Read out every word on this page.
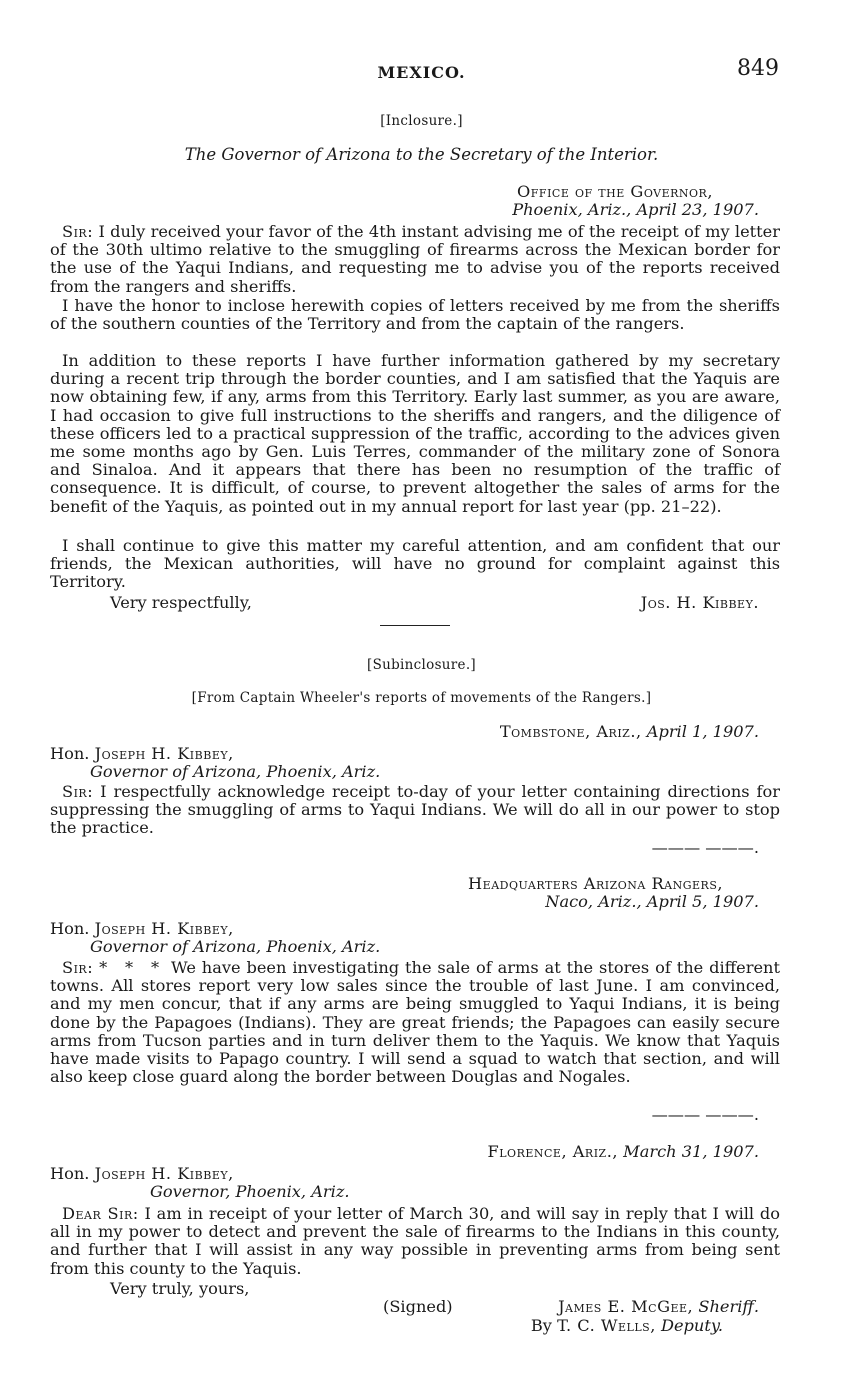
MEXICO.	849
[Inclosure.]
The Governor of Arizona to the Secretary of the Interior.
Office of the Governor,
Phoenix, Ariz., April 23, 1907.

Sir: I duly received your favor of the 4th instant advising me of the receipt of my letter of the 30th ultimo relative to the smuggling of firearms across the Mexican border for the use of the Yaqui Indians, and requesting me to advise you of the reports received from the rangers and sheriffs.

I have the honor to inclose herewith copies of letters received by me from the sheriffs of the southern counties of the Territory and from the captain of the rangers.

In addition to these reports I have further information gathered by my secretary during a recent trip through the border counties, and I am satisfied that the Yaquis are now obtaining few, if any, arms from this Territory. Early last summer, as you are aware, I had occasion to give full instructions to the sheriffs and rangers, and the diligence of these officers led to a practical suppression of the traffic, according to the advices given me some months ago by Gen. Luis Terres, commander of the military zone of Sonora and Sinaloa. And it appears that there has been no resumption of the traffic of consequence. It is difficult, of course, to prevent altogether the sales of arms for the benefit of the Yaquis, as pointed out in my annual report for last year (pp. 21–22).

I shall continue to give this matter my careful attention, and am confident that our friends, the Mexican authorities, will have no ground for complaint against this Territory.

Very respectfully,	Jos. H. Kibbey.
[Subinclosure.]
[From Captain Wheeler's reports of movements of the Rangers.]
Tombstone, Ariz., April 1, 1907.
Hon. Joseph H. Kibbey,
Governor of Arizona, Phoenix, Ariz.

Sir: I respectfully acknowledge receipt to-day of your letter containing directions for suppressing the smuggling of arms to Yaqui Indians. We will do all in our power to stop the practice.

——— ———.
Headquarters Arizona Rangers,
Naco, Ariz., April 5, 1907.
Hon. Joseph H. Kibbey,
Governor of Arizona, Phoenix, Ariz.

Sir: * * * We have been investigating the sale of arms at the stores of the different towns. All stores report very low sales since the trouble of last June. I am convinced, and my men concur, that if any arms are being smuggled to Yaqui Indians, it is being done by the Papagoes (Indians). They are great friends; the Papagoes can easily secure arms from Tucson parties and in turn deliver them to the Yaquis. We know that Yaquis have made visits to Papago country. I will send a squad to watch that section, and will also keep close guard along the border between Douglas and Nogales.

——— ———.
Florence, Ariz., March 31, 1907.
Hon. Joseph H. Kibbey,
Governor, Phoenix, Ariz.

Dear Sir: I am in receipt of your letter of March 30, and will say in reply that I will do all in my power to detect and prevent the sale of firearms to the Indians in this county, and further that I will assist in any way possible in preventing arms from being sent from this county to the Yaquis.

Very truly, yours,
(Signed)	James E. McGee, Sheriff.
By T. C. Wells, Deputy.
